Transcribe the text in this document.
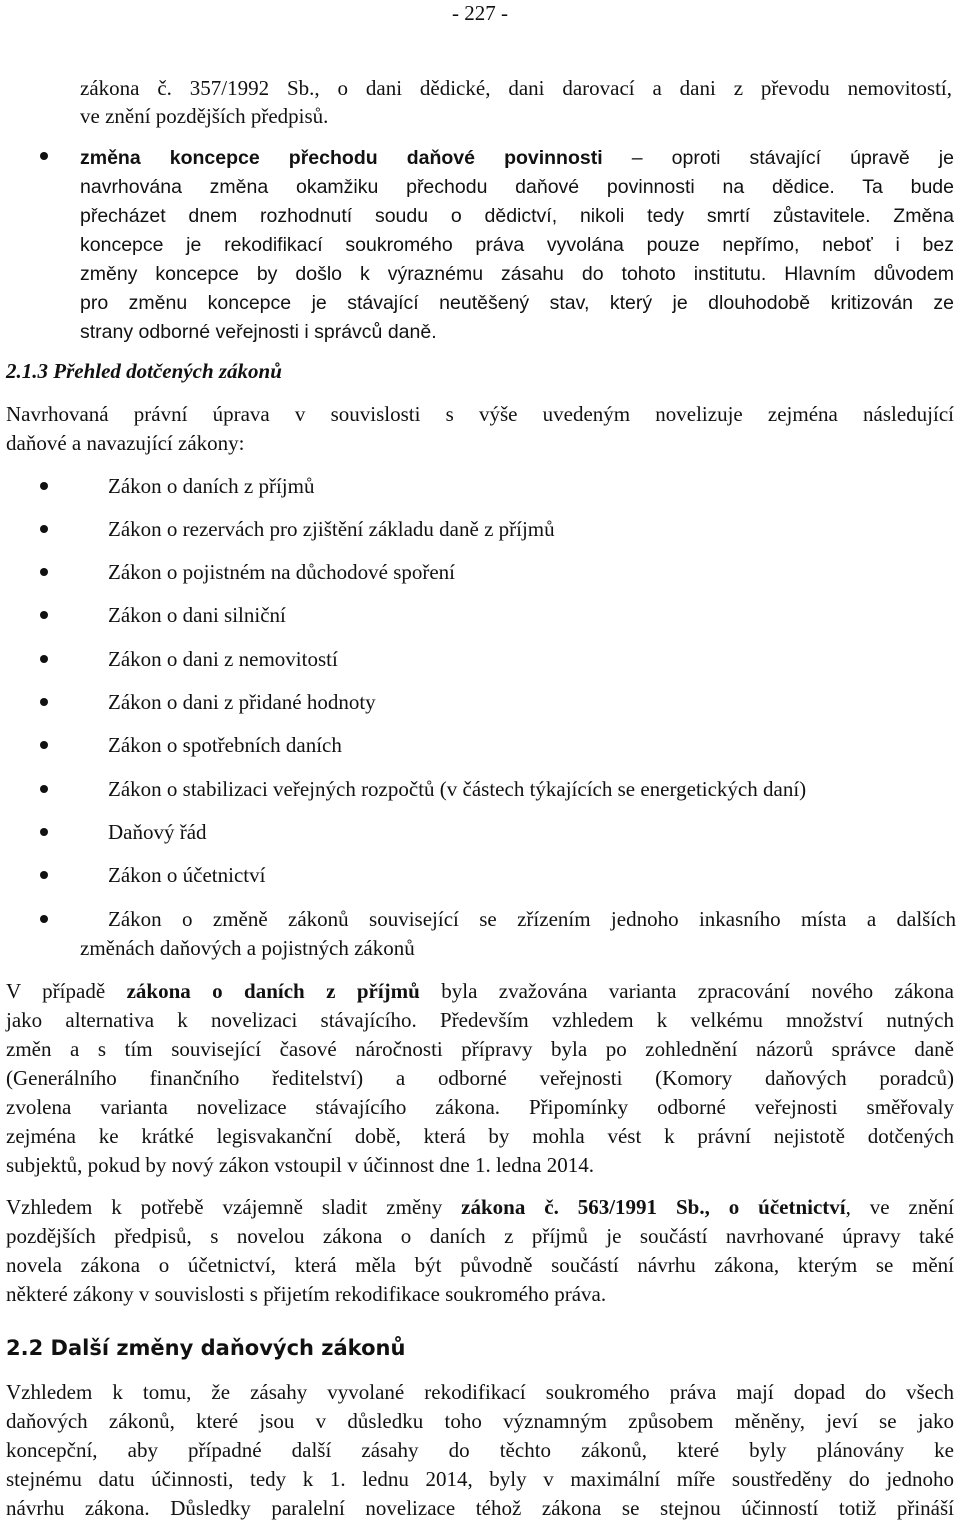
- 227 -
zákona č. 357/1992 Sb., o dani dědické, dani darovací a dani z převodu nemovitostí,
ve znění pozdějších předpisů.
změna koncepce přechodu daňové povinnosti – oproti stávající úpravě je
navrhována změna okamžiku přechodu daňové povinnosti na dědice. Ta bude
přecházet dnem rozhodnutí soudu o dědictví, nikoli tedy smrtí zůstavitele. Změna
koncepce je rekodifikací soukromého práva vyvolána pouze nepřímo, neboť i bez
změny koncepce by došlo k výraznému zásahu do tohoto institutu. Hlavním důvodem
pro změnu koncepce je stávající neutěšený stav, který je dlouhodobě kritizován ze
strany odborné veřejnosti i správců daně.
2.1.3 Přehled dotčených zákonů
Navrhovaná právní úprava v souvislosti s výše uvedeným novelizuje zejména následující
daňové a navazující zákony:
Zákon o daních z příjmů
Zákon o rezervách pro zjištění základu daně z příjmů
Zákon o pojistném na důchodové spoření
Zákon o dani silniční
Zákon o dani z nemovitostí
Zákon o dani z přidané hodnoty
Zákon o spotřebních daních
Zákon o stabilizaci veřejných rozpočtů (v částech týkajících se energetických daní)
Daňový řád
Zákon o účetnictví
Zákon o změně zákonů související se zřízením jednoho inkasního místa a dalších
změnách daňových a pojistných zákonů
V případě zákona o daních z příjmů byla zvažována varianta zpracování nového zákona
jako alternativa k novelizaci stávajícího. Především vzhledem k velkému množství nutných
změn a s tím související časové náročnosti přípravy byla po zohlednění názorů správce daně
(Generálního finančního ředitelství) a odborné veřejnosti (Komory daňových poradců)
zvolena varianta novelizace stávajícího zákona. Připomínky odborné veřejnosti směřovaly
zejména ke krátké legisvakanční době, která by mohla vést k právní nejistotě dotčených
subjektů, pokud by nový zákon vstoupil v účinnost dne 1. ledna 2014.
Vzhledem k potřebě vzájemně sladit změny zákona č. 563/1991 Sb., o účetnictví, ve znění
pozdějších předpisů, s novelou zákona o daních z příjmů je součástí navrhované úpravy také
novela zákona o účetnictví, která měla být původně součástí návrhu zákona, kterým se mění
některé zákony v souvislosti s přijetím rekodifikace soukromého práva.
2.2 Další změny daňových zákonů
Vzhledem k tomu, že zásahy vyvolané rekodifikací soukromého práva mají dopad do všech
daňových zákonů, které jsou v důsledku toho významným způsobem měněny, jeví se jako
koncepční, aby případné další zásahy do těchto zákonů, které byly plánovány ke
stejnému datu účinnosti, tedy k 1. lednu 2014, byly v maximální míře soustředěny do jednoho
návrhu zákona. Důsledky paralelní novelizace téhož zákona se stejnou účinností totiž přináší
